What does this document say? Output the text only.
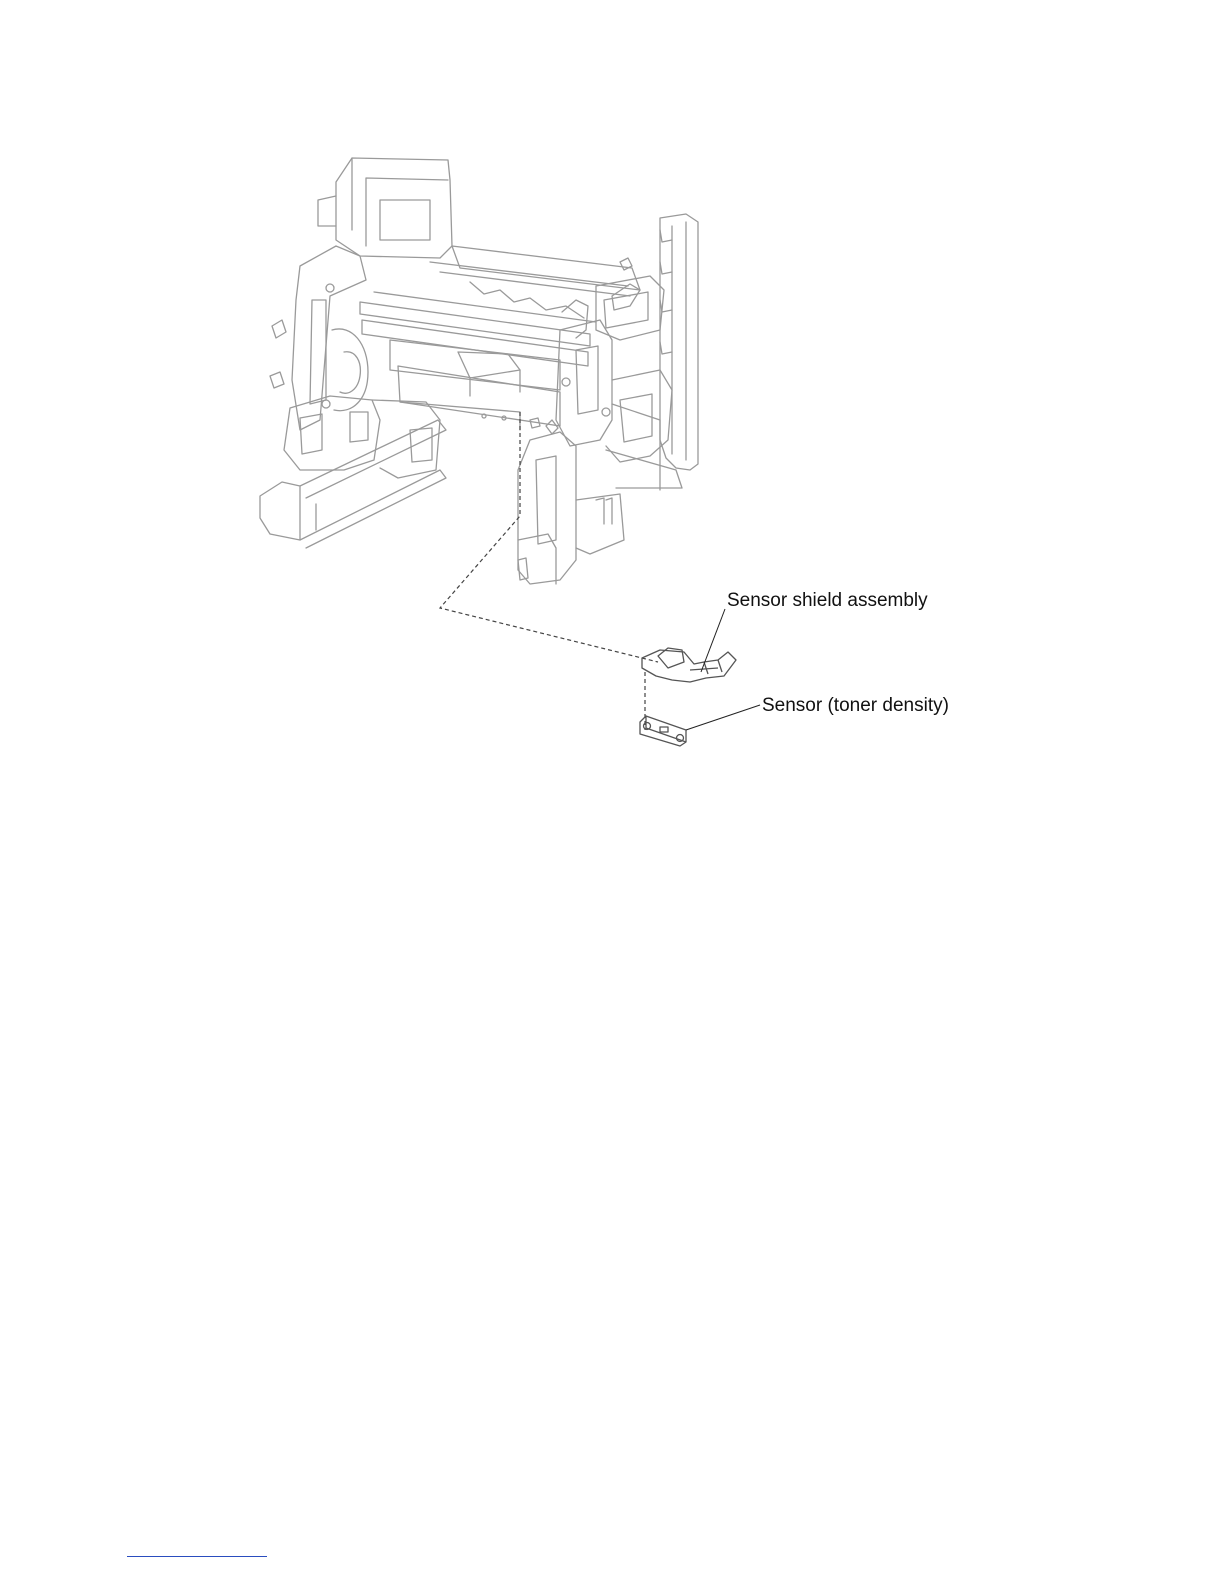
Sensor shield assembly
Sensor (toner density)
